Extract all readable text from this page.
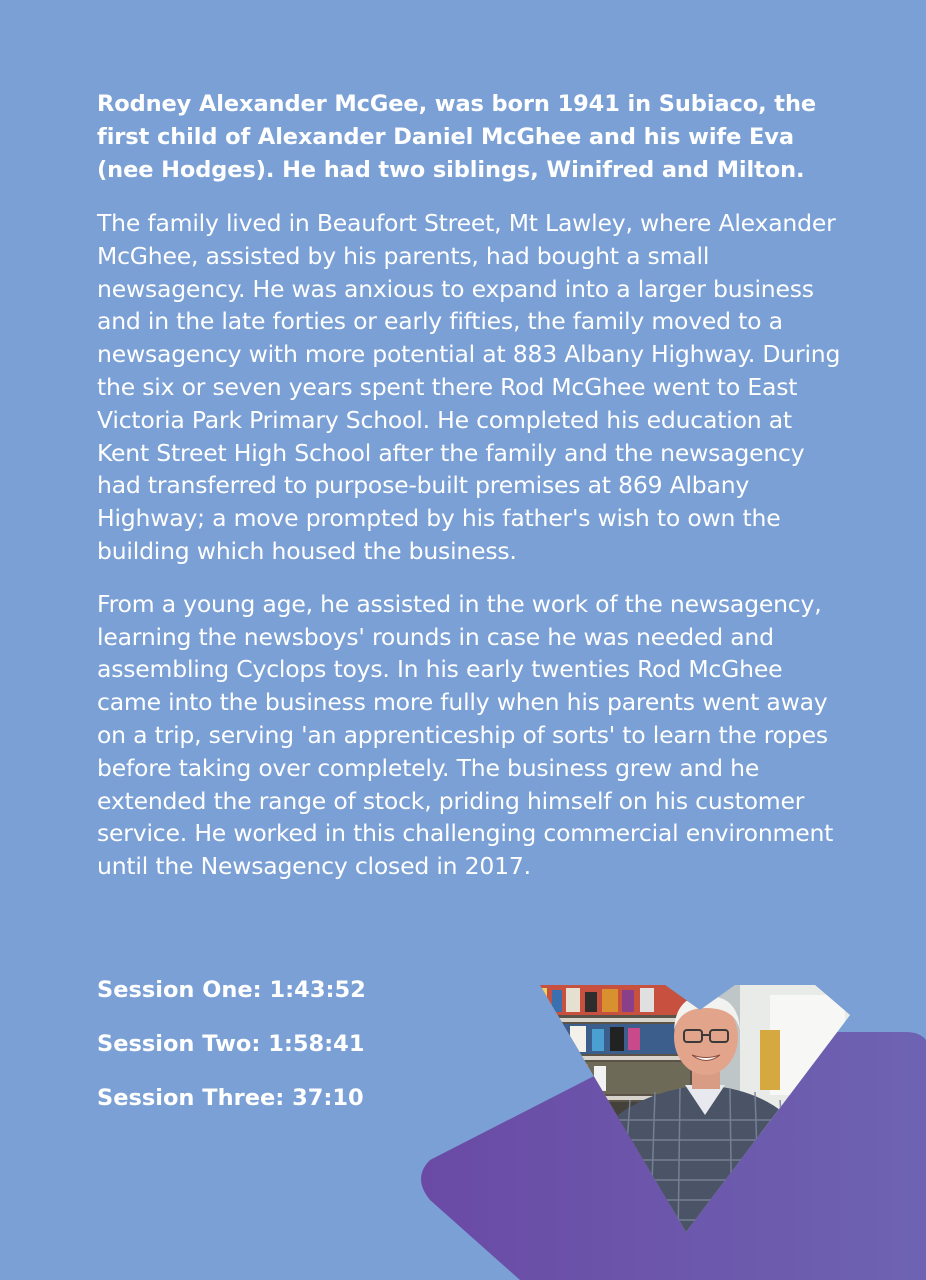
Rodney Alexander McGee, was born 1941 in Subiaco, the first child of Alexander Daniel McGhee and his wife Eva (nee Hodges). He had two siblings, Winifred and Milton.

The family lived in Beaufort Street, Mt Lawley, where Alexander McGhee, assisted by his parents, had bought a small newsagency. He was anxious to expand into a larger business and in the late forties or early fifties, the family moved to a newsagency with more potential at 883 Albany Highway. During the six or seven years spent there Rod McGhee went to East Victoria Park Primary School. He completed his education at Kent Street High School after the family and the newsagency had transferred to purpose-built premises at 869 Albany Highway; a move prompted by his father's wish to own the building which housed the business.

From a young age, he assisted in the work of the newsagency, learning the newsboys' rounds in case he was needed and assembling Cyclops toys. In his early twenties Rod McGhee came into the business more fully when his parents went away on a trip, serving 'an apprenticeship of sorts' to learn the ropes before taking over completely. The business grew and he extended the range of stock, priding himself on his customer service. He worked in this challenging commercial environment until the Newsagency closed in 2017.

Session One: 1:43:52
Session Two: 1:58:41
Session Three: 37:10
